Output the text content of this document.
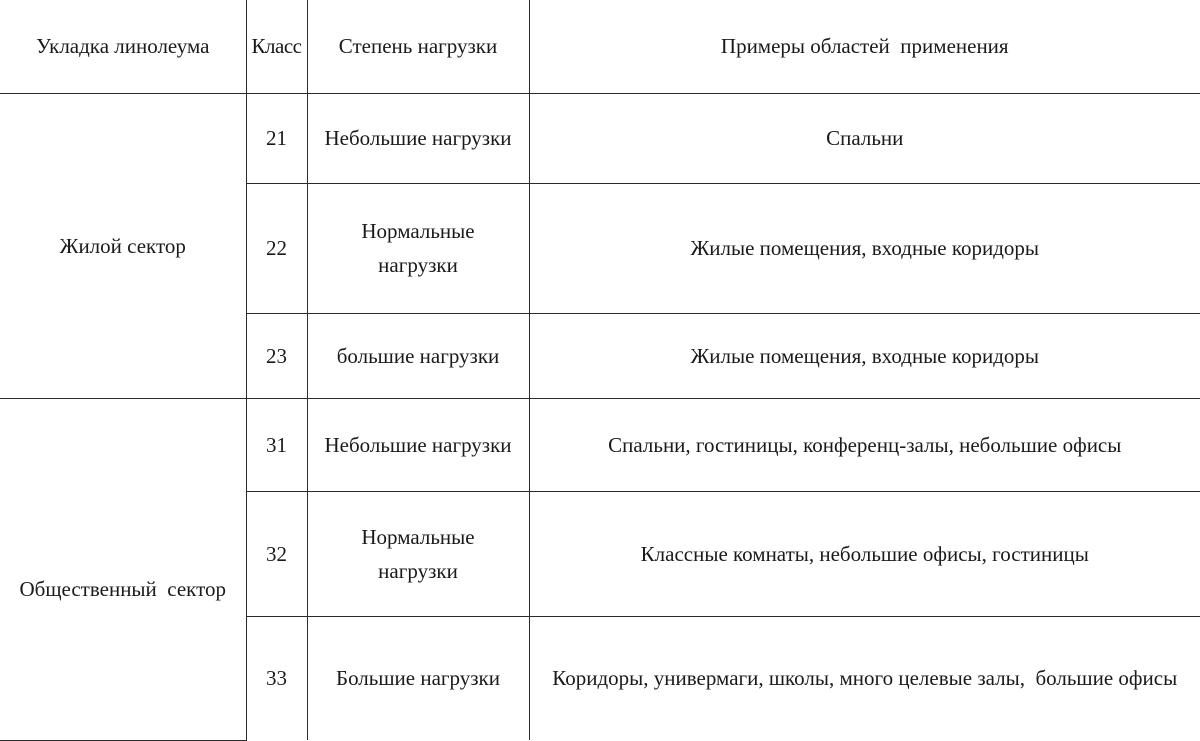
Укладка линолеума	Класс	Степень нагрузки	Примеры областей  применения
Жилой сектор	21	Небольшие нагрузки	Спальни
	22	Нормальные нагрузки	Жилые помещения, входные коридоры
	23	большие нагрузки	Жилые помещения, входные коридоры
Общественный  сектор	31	Небольшие нагрузки	Спальни, гостиницы, конференц-залы, небольшие офисы
	32	Нормальные нагрузки	Классные комнаты, небольшие офисы, гостиницы
	33	Большие нагрузки	Коридоры, универмаги, школы, много целевые залы,  большие офисы
